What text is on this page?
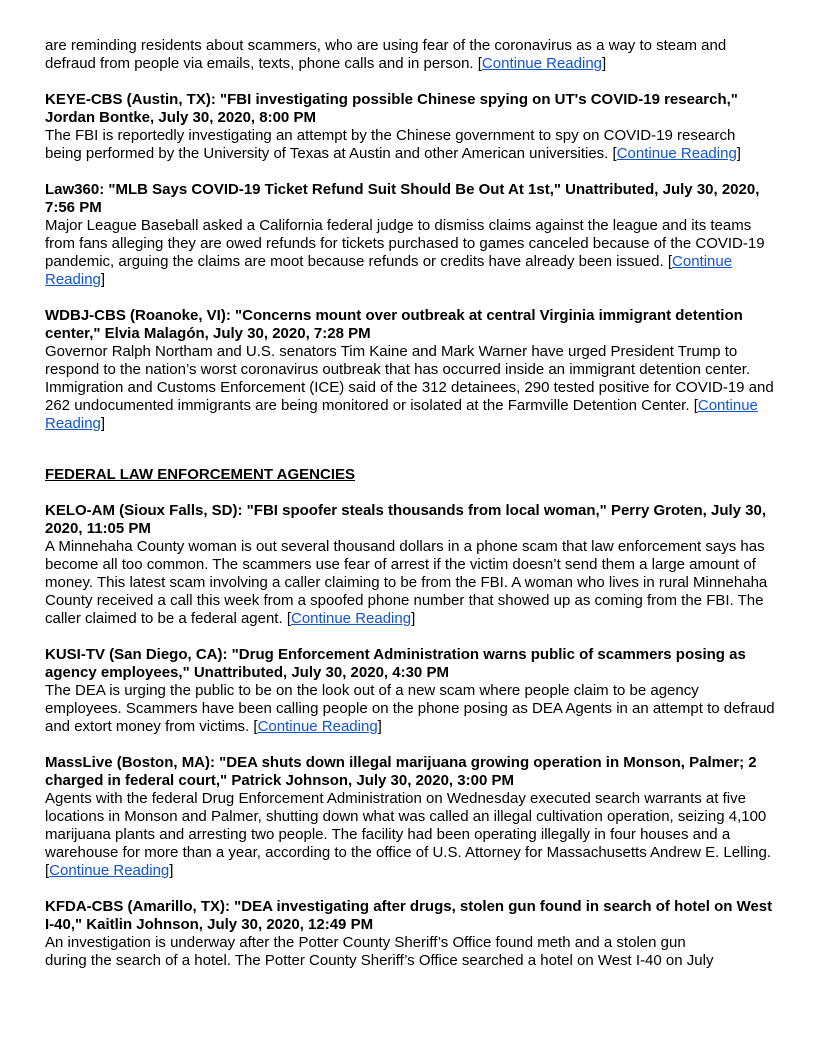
are reminding residents about scammers, who are using fear of the coronavirus as a way to steam and defraud from people via emails, texts, phone calls and in person. [Continue Reading]

KEYE-CBS (Austin, TX): "FBI investigating possible Chinese spying on UT's COVID-19 research," Jordan Bontke, July 30, 2020, 8:00 PM

The FBI is reportedly investigating an attempt by the Chinese government to spy on COVID-19 research being performed by the University of Texas at Austin and other American universities. [Continue Reading]

Law360: "MLB Says COVID-19 Ticket Refund Suit Should Be Out At 1st," Unattributed, July 30, 2020, 7:56 PM

Major League Baseball asked a California federal judge to dismiss claims against the league and its teams from fans alleging they are owed refunds for tickets purchased to games canceled because of the COVID-19 pandemic, arguing the claims are moot because refunds or credits have already been issued. [Continue Reading]

WDBJ-CBS (Roanoke, VI): "Concerns mount over outbreak at central Virginia immigrant detention center," Elvia Malagón, July 30, 2020, 7:28 PM

Governor Ralph Northam and U.S. senators Tim Kaine and Mark Warner have urged President Trump to respond to the nation’s worst coronavirus outbreak that has occurred inside an immigrant detention center. Immigration and Customs Enforcement (ICE) said of the 312 detainees, 290 tested positive for COVID-19 and 262 undocumented immigrants are being monitored or isolated at the Farmville Detention Center. [Continue Reading]

FEDERAL LAW ENFORCEMENT AGENCIES

KELO-AM (Sioux Falls, SD): "FBI spoofer steals thousands from local woman," Perry Groten, July 30, 2020, 11:05 PM

A Minnehaha County woman is out several thousand dollars in a phone scam that law enforcement says has become all too common. The scammers use fear of arrest if the victim doesn’t send them a large amount of money. This latest scam involving a caller claiming to be from the FBI. A woman who lives in rural Minnehaha County received a call this week from a spoofed phone number that showed up as coming from the FBI. The caller claimed to be a federal agent. [Continue Reading]

KUSI-TV (San Diego, CA): "Drug Enforcement Administration warns public of scammers posing as agency employees," Unattributed, July 30, 2020, 4:30 PM

The DEA is urging the public to be on the look out of a new scam where people claim to be agency employees. Scammers have been calling people on the phone posing as DEA Agents in an attempt to defraud and extort money from victims. [Continue Reading]

MassLive (Boston, MA): "DEA shuts down illegal marijuana growing operation in Monson, Palmer; 2 charged in federal court," Patrick Johnson, July 30, 2020, 3:00 PM

Agents with the federal Drug Enforcement Administration on Wednesday executed search warrants at five locations in Monson and Palmer, shutting down what was called an illegal cultivation operation, seizing 4,100 marijuana plants and arresting two people. The facility had been operating illegally in four houses and a warehouse for more than a year, according to the office of U.S. Attorney for Massachusetts Andrew E. Lelling. [Continue Reading]

KFDA-CBS (Amarillo, TX): "DEA investigating after drugs, stolen gun found in search of hotel on West I-40," Kaitlin Johnson, July 30, 2020, 12:49 PM

An investigation is underway after the Potter County Sheriff’s Office found meth and a stolen gun
during the search of a hotel. The Potter County Sheriff’s Office searched a hotel on West I-40 on July
